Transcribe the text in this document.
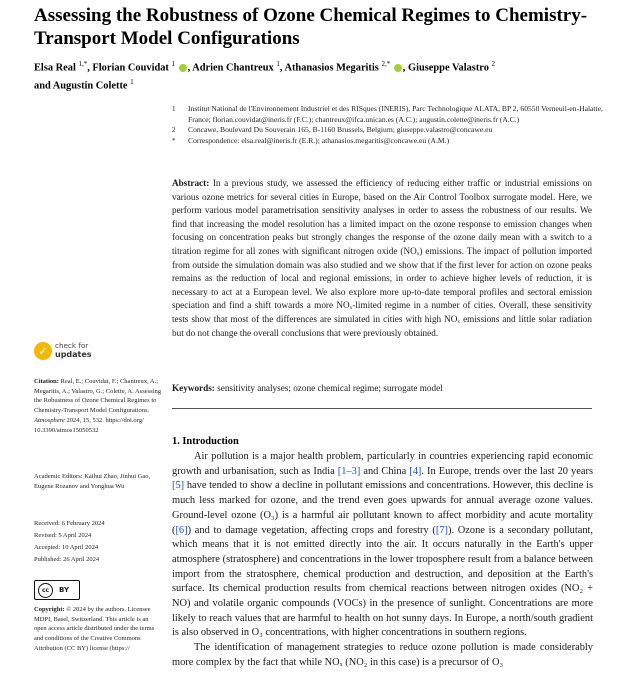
Assessing the Robustness of Ozone Chemical Regimes to Chemistry-Transport Model Configurations
Elsa Real $^{1,*}$, Florian Couvidat $^1$ , Adrien Chantreux $^1$, Athanasios Megaritis $^{2,*}$ , Giuseppe Valastro $^2$
and Augustin Colette $^1$
1 Institut National de l'Environnement Industriel et des RISques (INERIS), Parc Technologique ALATA, BP 2, 60550 Verneuil-en-Halatte, France; florian.couvidat@ineris.fr (F.C.); chantreux@ifca.unican.es (A.C.); augustin.colette@ineris.fr (A.C.)
2 Concawe, Boulevard Du Souverain 165, B-1160 Brussels, Belgium; giuseppe.valastro@concawe.eu
* Correspondence: elsa.real@ineris.fr (E.R.); athanasios.megaritis@concawe.eu (A.M.)
Abstract: In a previous study, we assessed the efficiency of reducing either traffic or industrial emissions on various ozone metrics for several cities in Europe, based on the Air Control Toolbox surrogate model. Here, we perform various model parametrisation sensitivity analyses in order to assess the robustness of our results. We find that increasing the model resolution has a limited impact on the ozone response to emission changes when focusing on concentration peaks but strongly changes the response of the ozone daily mean with a switch to a titration regime for all zones with significant nitrogen oxide (NOₓ) emissions. The impact of pollution imported from outside the simulation domain was also studied and we show that if the first lever for action on ozone peaks remains as the reduction of local and regional emissions, in order to achieve higher levels of reduction, it is necessary to act at a European level. We also explore more up-to-date temporal profiles and sectoral emission speciation and find a shift towards a more NOₓ-limited regime in a number of cities. Overall, these sensitivity tests show that most of the differences are simulated in cities with high NOₓ emissions and little solar radiation but do not change the overall conclusions that were previously obtained.
Keywords: sensitivity analyses; ozone chemical regime; surrogate model
1. Introduction

Air pollution is a major health problem, particularly in countries experiencing rapid economic growth and urbanisation, such as India [1–3] and China [4]. In Europe, trends over the last 20 years [5] have tended to show a decline in pollutant emissions and concentrations. However, this decline is much less marked for ozone, and the trend even goes upwards for annual average ozone values. Ground-level ozone (O₃) is a harmful air pollutant known to affect morbidity and acute mortality ([6]) and to damage vegetation, affecting crops and forestry ([7]). Ozone is a secondary pollutant, which means that it is not emitted directly into the air. It occurs naturally in the Earth's upper atmosphere (stratosphere) and concentrations in the lower troposphere result from a balance between import from the stratosphere, chemical production and destruction, and deposition at the Earth's surface. Its chemical production results from chemical reactions between nitrogen oxides (NO₂ + NO) and volatile organic compounds (VOCs) in the presence of sunlight. Concentrations are more likely to reach values that are harmful to health on hot sunny days. In Europe, a north/south gradient is also observed in O₃ concentrations, with higher concentrations in southern regions.

The identification of management strategies to reduce ozone pollution is made considerably more complex by the fact that while NOₓ (NO₂ in this case) is a precursor of O₃

✓ check for
updates
Citation: Real, E.; Couvidat, F.; Chantreux, A.; Megaritis, A.; Valastro, G.; Colette, A. Assessing the Robustness of Ozone Chemical Regimes to Chemistry-Transport Model Configurations. Atmosphere 2024, 15, 532. https://doi.org/ 10.3390/atmos15050532
Academic Editors: Kaihui Zhao, Jinhui Gao, Eugene Rozanov and Yonghua Wu
Received: 6 February 2024
Revised: 5 April 2024
Accepted: 10 April 2024
Published: 26 April 2024
cc	BY
Copyright: © 2024 by the authors. Licensee MDPI, Basel, Switzerland. This article is an open access article distributed under the terms and conditions of the Creative Commons Attribution (CC BY) license (https://
